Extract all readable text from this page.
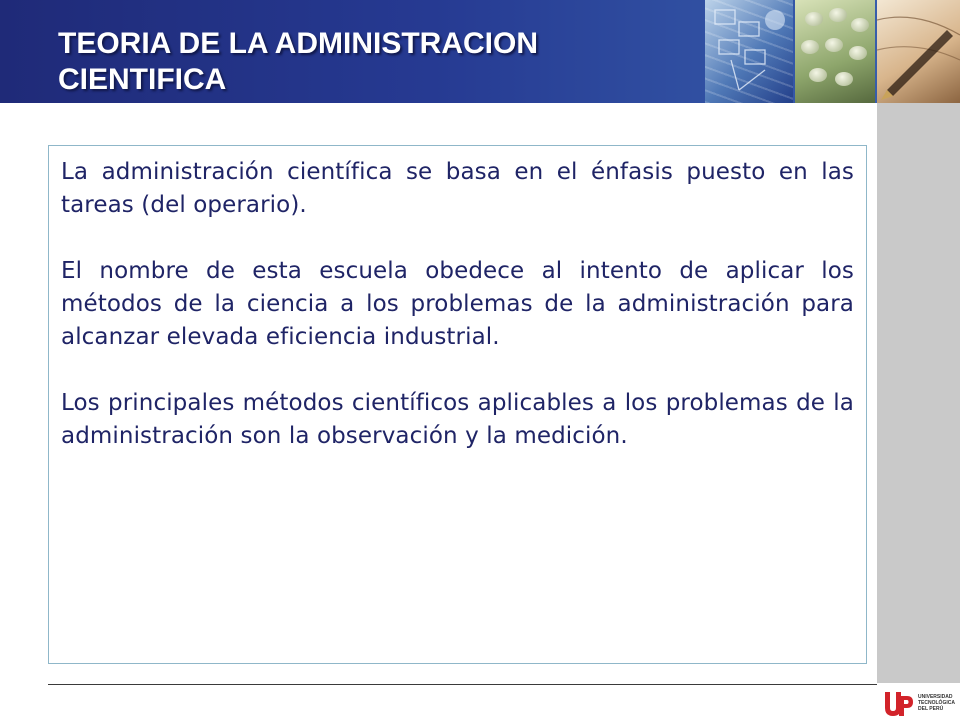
TEORIA DE LA ADMINISTRACION
CIENTIFICA

La administración científica se basa en el énfasis puesto en las tareas (del operario).

El nombre de esta escuela obedece al intento de aplicar los métodos de la ciencia a los problemas de la administración para alcanzar elevada eficiencia industrial.

Los principales métodos científicos aplicables a los problemas de la administración son la observación y la medición.

UNIVERSIDAD
TECNOLÓGICA
DEL PERÚ
